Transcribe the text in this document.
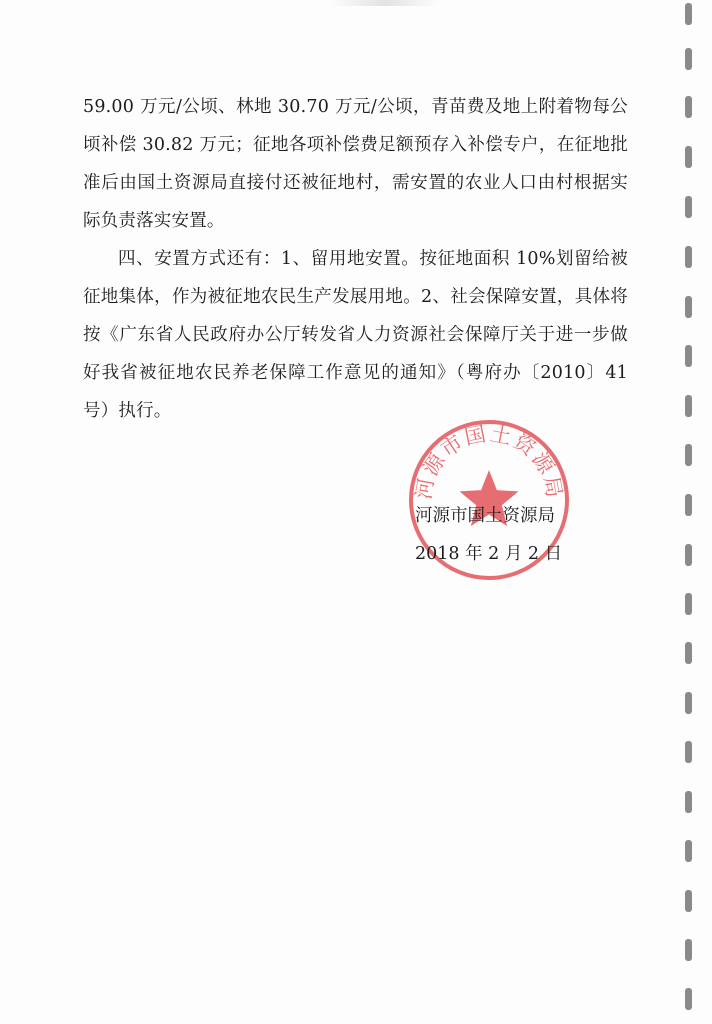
59.00 万元/公顷、林地 30.70 万元/公顷，青苗费及地上附着物每公顷补偿 30.82 万元；征地各项补偿费足额预存入补偿专户，在征地批准后由国土资源局直接付还被征地村，需安置的农业人口由村根据实际负责落实安置。

四、安置方式还有：1、留用地安置。按征地面积 10%划留给被征地集体，作为被征地农民生产发展用地。2、社会保障安置，具体将按《广东省人民政府办公厅转发省人力资源社会保障厅关于进一步做好我省被征地农民养老保障工作意见的通知》（粤府办〔2010〕41 号）执行。

河源市国土资源局
河源市国土资源局
2018 年 2 月 2 日
